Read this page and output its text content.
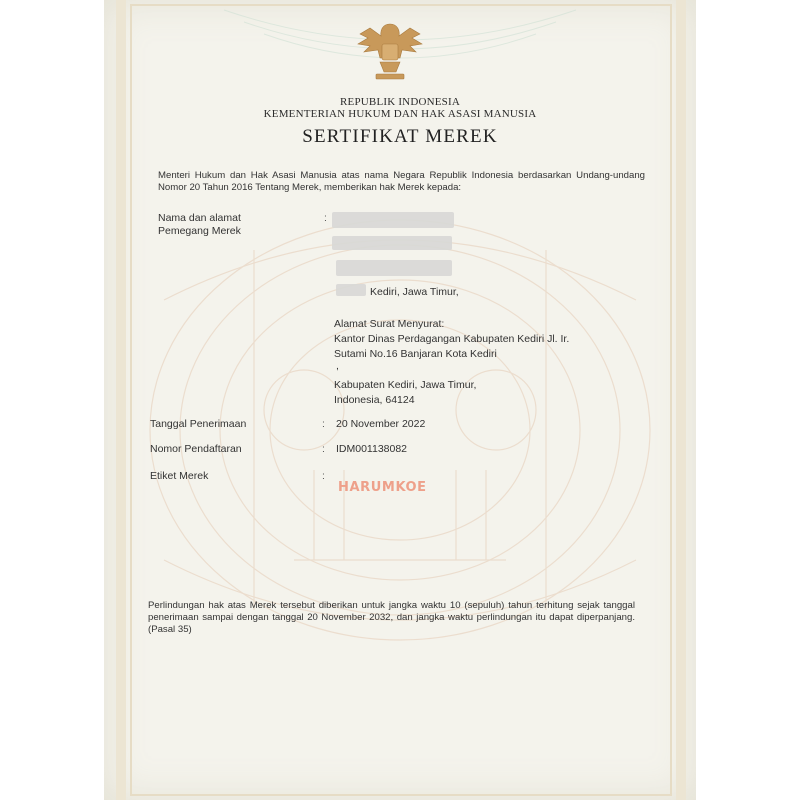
REPUBLIK INDONESIA
KEMENTERIAN HUKUM DAN HAK ASASI MANUSIA
SERTIFIKAT MEREK
Menteri Hukum dan Hak Asasi Manusia atas nama Negara Republik Indonesia berdasarkan Undang-undang Nomor 20 Tahun 2016 Tentang Merek, memberikan hak Merek kepada:
Nama dan alamat
Pemegang Merek
:
Kediri, Jawa Timur,
Alamat Surat Menyurat:
Kantor Dinas Perdagangan Kabupaten Kediri Jl. Ir.
Sutami No.16 Banjaran Kota Kediri
,
Kabupaten Kediri, Jawa Timur,
Indonesia, 64124
Tanggal Penerimaan	: 20 November 2022
Nomor Pendaftaran	: IDM001138082
Etiket Merek	:
HARUMKOE
Perlindungan hak atas Merek tersebut diberikan untuk jangka waktu 10 (sepuluh) tahun terhitung sejak tanggal penerimaan sampai dengan tanggal 20 November 2032, dan jangka waktu perlindungan itu dapat diperpanjang. (Pasal 35)
